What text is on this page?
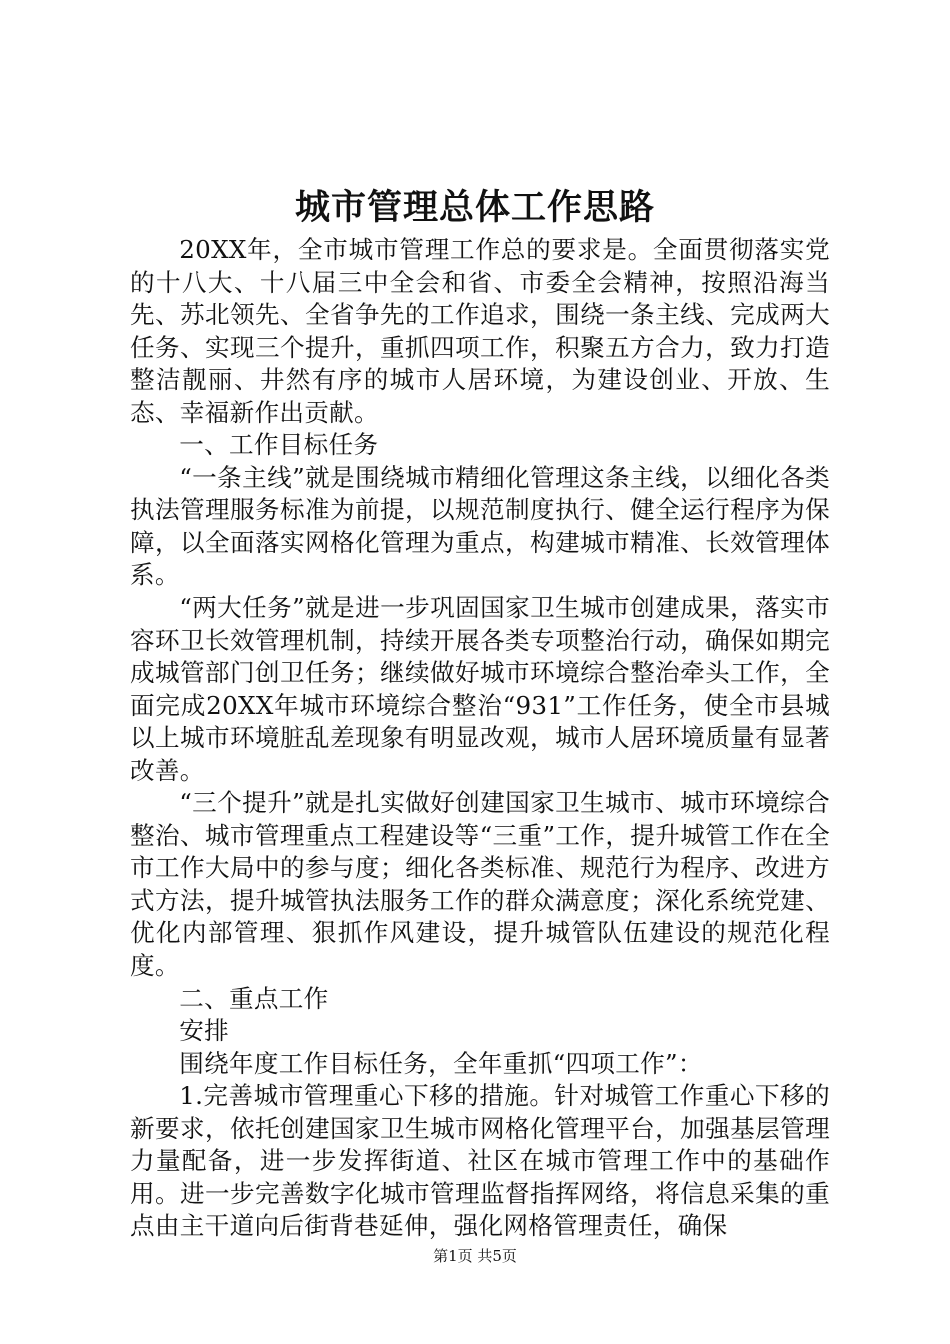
城市管理总体工作思路

20XX年，全市城市管理工作总的要求是。全面贯彻落实党的十八大、十八届三中全会和省、市委全会精神，按照沿海当先、苏北领先、全省争先的工作追求，围绕一条主线、完成两大任务、实现三个提升，重抓四项工作，积聚五方合力，致力打造整洁靓丽、井然有序的城市人居环境，为建设创业、开放、生态、幸福新作出贡献。

一、工作目标任务

“一条主线”就是围绕城市精细化管理这条主线，以细化各类执法管理服务标准为前提，以规范制度执行、健全运行程序为保障，以全面落实网格化管理为重点，构建城市精准、长效管理体系。

“两大任务”就是进一步巩固国家卫生城市创建成果，落实市容环卫长效管理机制，持续开展各类专项整治行动，确保如期完成城管部门创卫任务；继续做好城市环境综合整治牵头工作，全面完成20XX年城市环境综合整治“931”工作任务，使全市县城以上城市环境脏乱差现象有明显改观，城市人居环境质量有显著改善。

“三个提升”就是扎实做好创建国家卫生城市、城市环境综合整治、城市管理重点工程建设等“三重”工作，提升城管工作在全市工作大局中的参与度；细化各类标准、规范行为程序、改进方式方法，提升城管执法服务工作的群众满意度；深化系统党建、优化内部管理、狠抓作风建设，提升城管队伍建设的规范化程度。

二、重点工作

安排

围绕年度工作目标任务，全年重抓“四项工作”：

1.完善城市管理重心下移的措施。针对城管工作重心下移的新要求，依托创建国家卫生城市网格化管理平台，加强基层管理力量配备，进一步发挥街道、社区在城市管理工作中的基础作用。进一步完善数字化城市管理监督指挥网络，将信息采集的重点由主干道向后街背巷延伸，强化网格管理责任，确保

第1页 共5页
